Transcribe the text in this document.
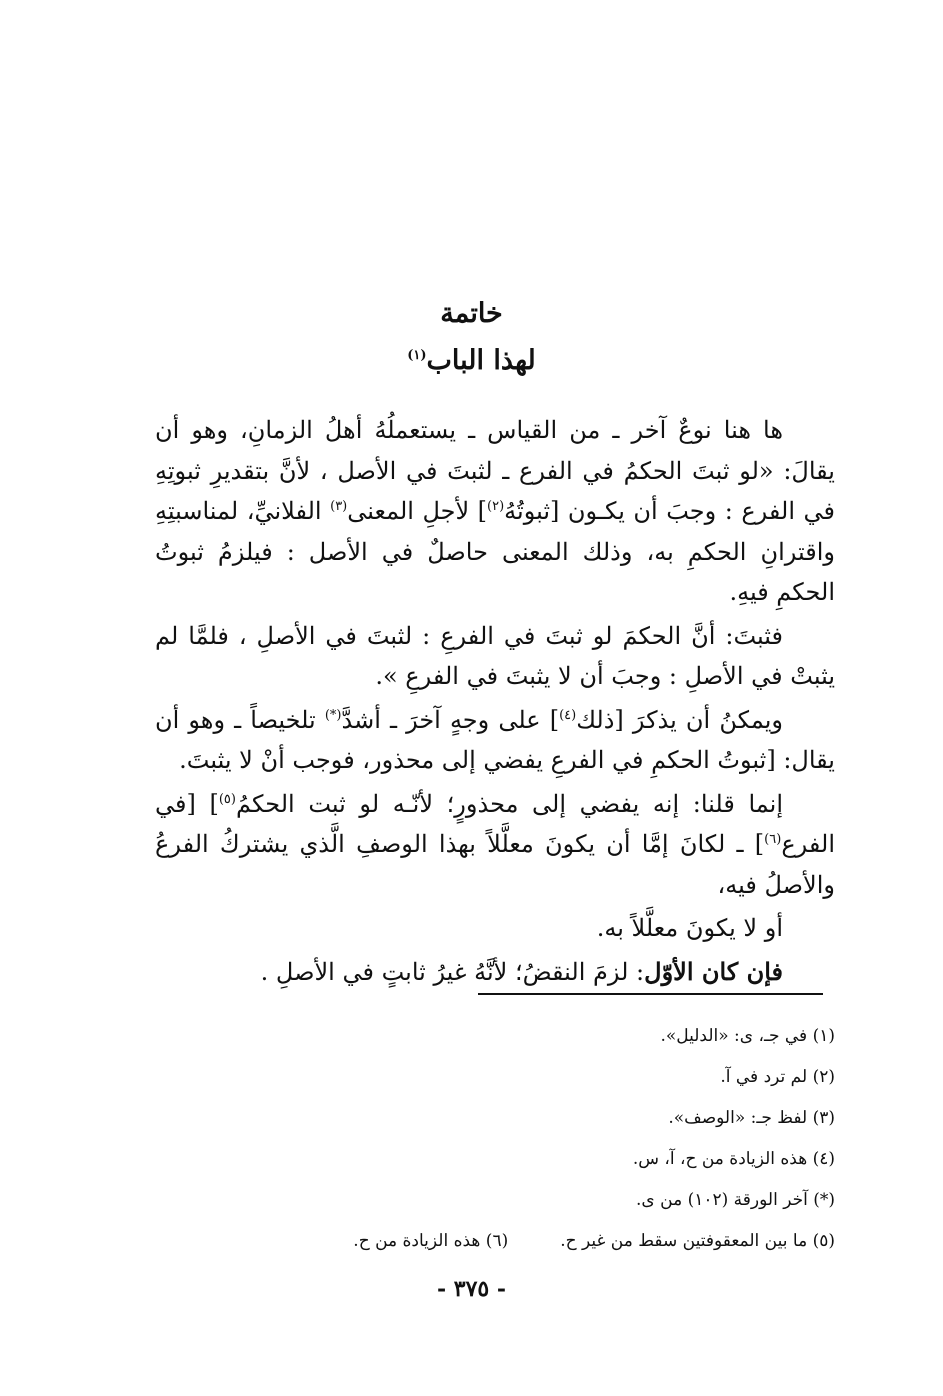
خاتمة
لهذا الباب$^{(١)}$

ها هنا نوعٌ آخر ـ من القياس ـ يستعملُهُ أهلُ الزمانِ، وهو أن يقالَ: «لو ثبتَ الحكمُ في الفرع ـ لثبتَ في الأصل ، لأنَّ بتقديرِ ثبوتِهِ في الفرع : وجبَ أن يكـون [ثبوتُهُ$^{(٢)}$] لأجلِ المعنى$^{(٣)}$ الفلانيِّ، لمناسبتِهِ واقترانِ الحكمِ به، وذلك المعنى حاصلٌ في الأصل : فيلزمُ ثبوتُ الحكمِ فيهِ.

فثبتَ: أنَّ الحكمَ لو ثبتَ في الفرعِ : لثبتَ في الأصلِ ، فلمَّا لم يثبتْ في الأصلِ : وجبَ أن لا يثبتَ في الفرعِ ».

ويمكنُ أن يذكرَ [ذلك$^{(٤)}$] على وجهٍ آخرَ ـ أشدَّ(*) تلخيصاً ـ وهو أن يقال: [ثبوتُ الحكمِ في الفرعِ يفضي إلى محذور، فوجب أنْ لا يثبتَ.

إنما قلنا: إنه يفضي إلى محذورٍ؛ لأنّـه لو ثبت الحكمُ$^{(٥)}$] [في الفرع$^{(٦)}$] ـ لكانَ إمَّا أن يكونَ معلَّلاً بهذا الوصفِ الَّذي يشتركُ الفرعُ والأصلُ فيه،

أو لا يكونَ معلَّلاً به.

فإن كان الأوّل: لزمَ النقضُ؛ لأنَّهُ غيرُ ثابتٍ في الأصلِ .

(١) في جـ، ى: «الدليل».
(٢) لم ترد في آ.
(٣) لفظ جـ: «الوصف».
(٤) هذه الزيادة من ح، آ، س.
(*) آخر الورقة (١٠٢) من ى.
(٥) ما بين المعقوفتين سقط من غير ح.(٦) هذه الزيادة من ح.
- ٣٧٥ -
